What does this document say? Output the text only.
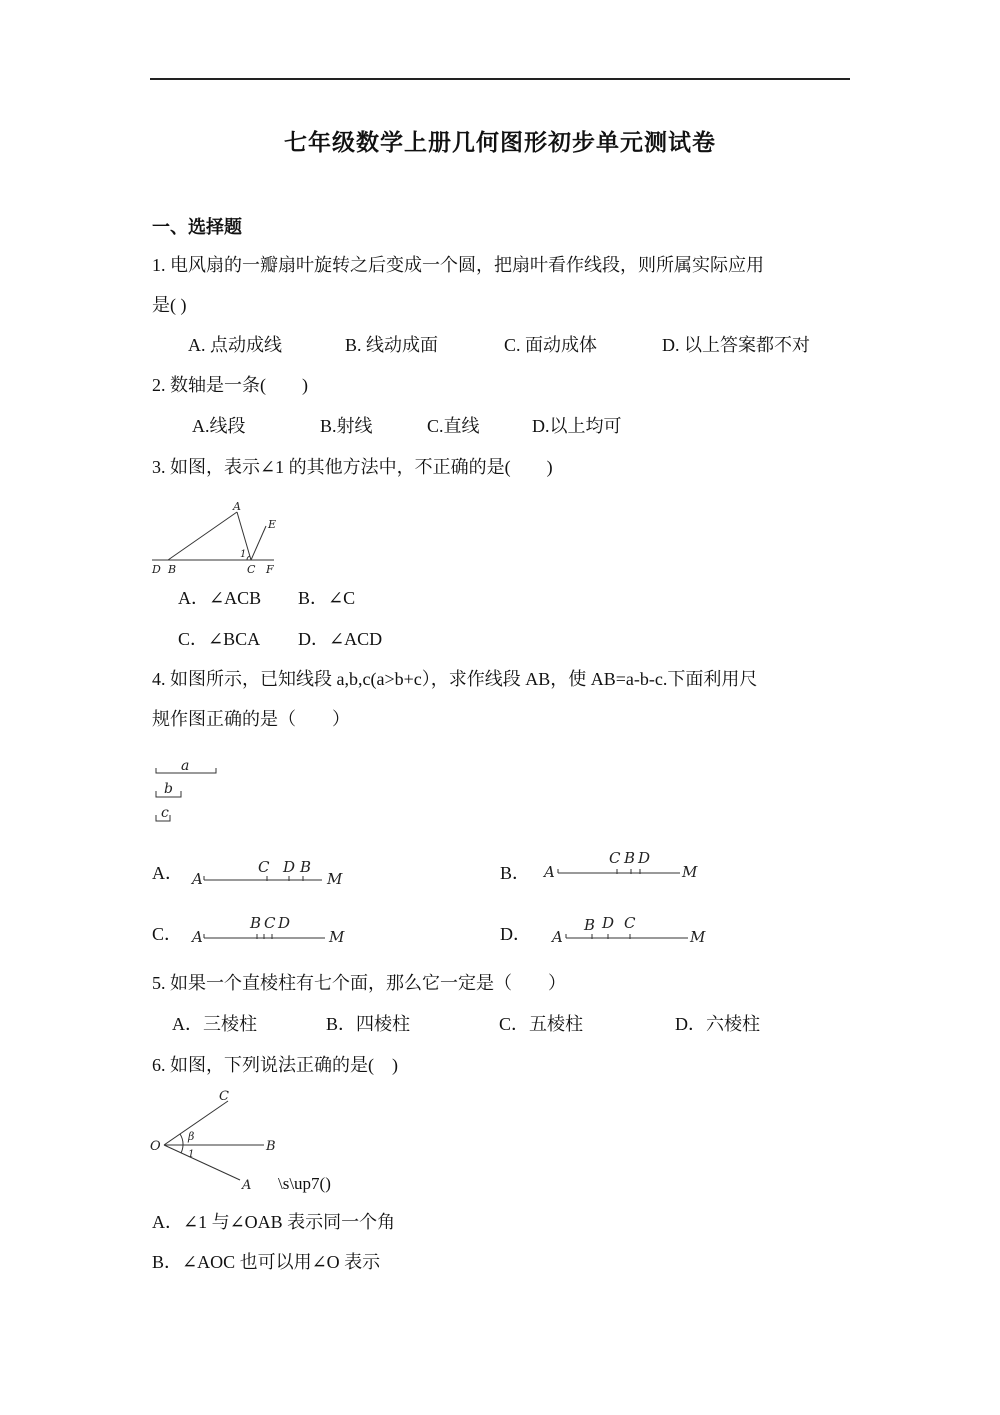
七年级数学上册几何图形初步单元测试卷
一、选择题
1. 电风扇的一瓣扇叶旋转之后变成一个圆，把扇叶看作线段，则所属实际应用
是( )
A. 点动成线	B. 线动成面	C. 面动成体	D. 以上答案都不对
2. 数轴是一条(　　)
A.线段	B.射线	C.直线	D.以上均可
3. 如图，表示∠1 的其他方法中，不正确的是(　　)
A
E
1
D B	C F
A．∠ACB B．∠C
C．∠BCA D．∠ACD
4. 如图所示，已知线段 a,b,c(a>b+c），求作线段 AB，使 AB=a-b-c.下面利用尺
规作图正确的是（　　）
a
b
c
A． A
C D B
M	B． A
C B D
M
C． A
B C D
M	D． A
B D C
M
5. 如果一个直棱柱有七个面，那么它一定是（　　）
A．三棱柱	B．四棱柱	C．五棱柱	D．六棱柱
6. 如图，下列说法正确的是(　)
O
C
B
A
β
1
\s\up7()
A．∠1 与∠OAB 表示同一个角
B．∠AOC 也可以用∠O 表示
